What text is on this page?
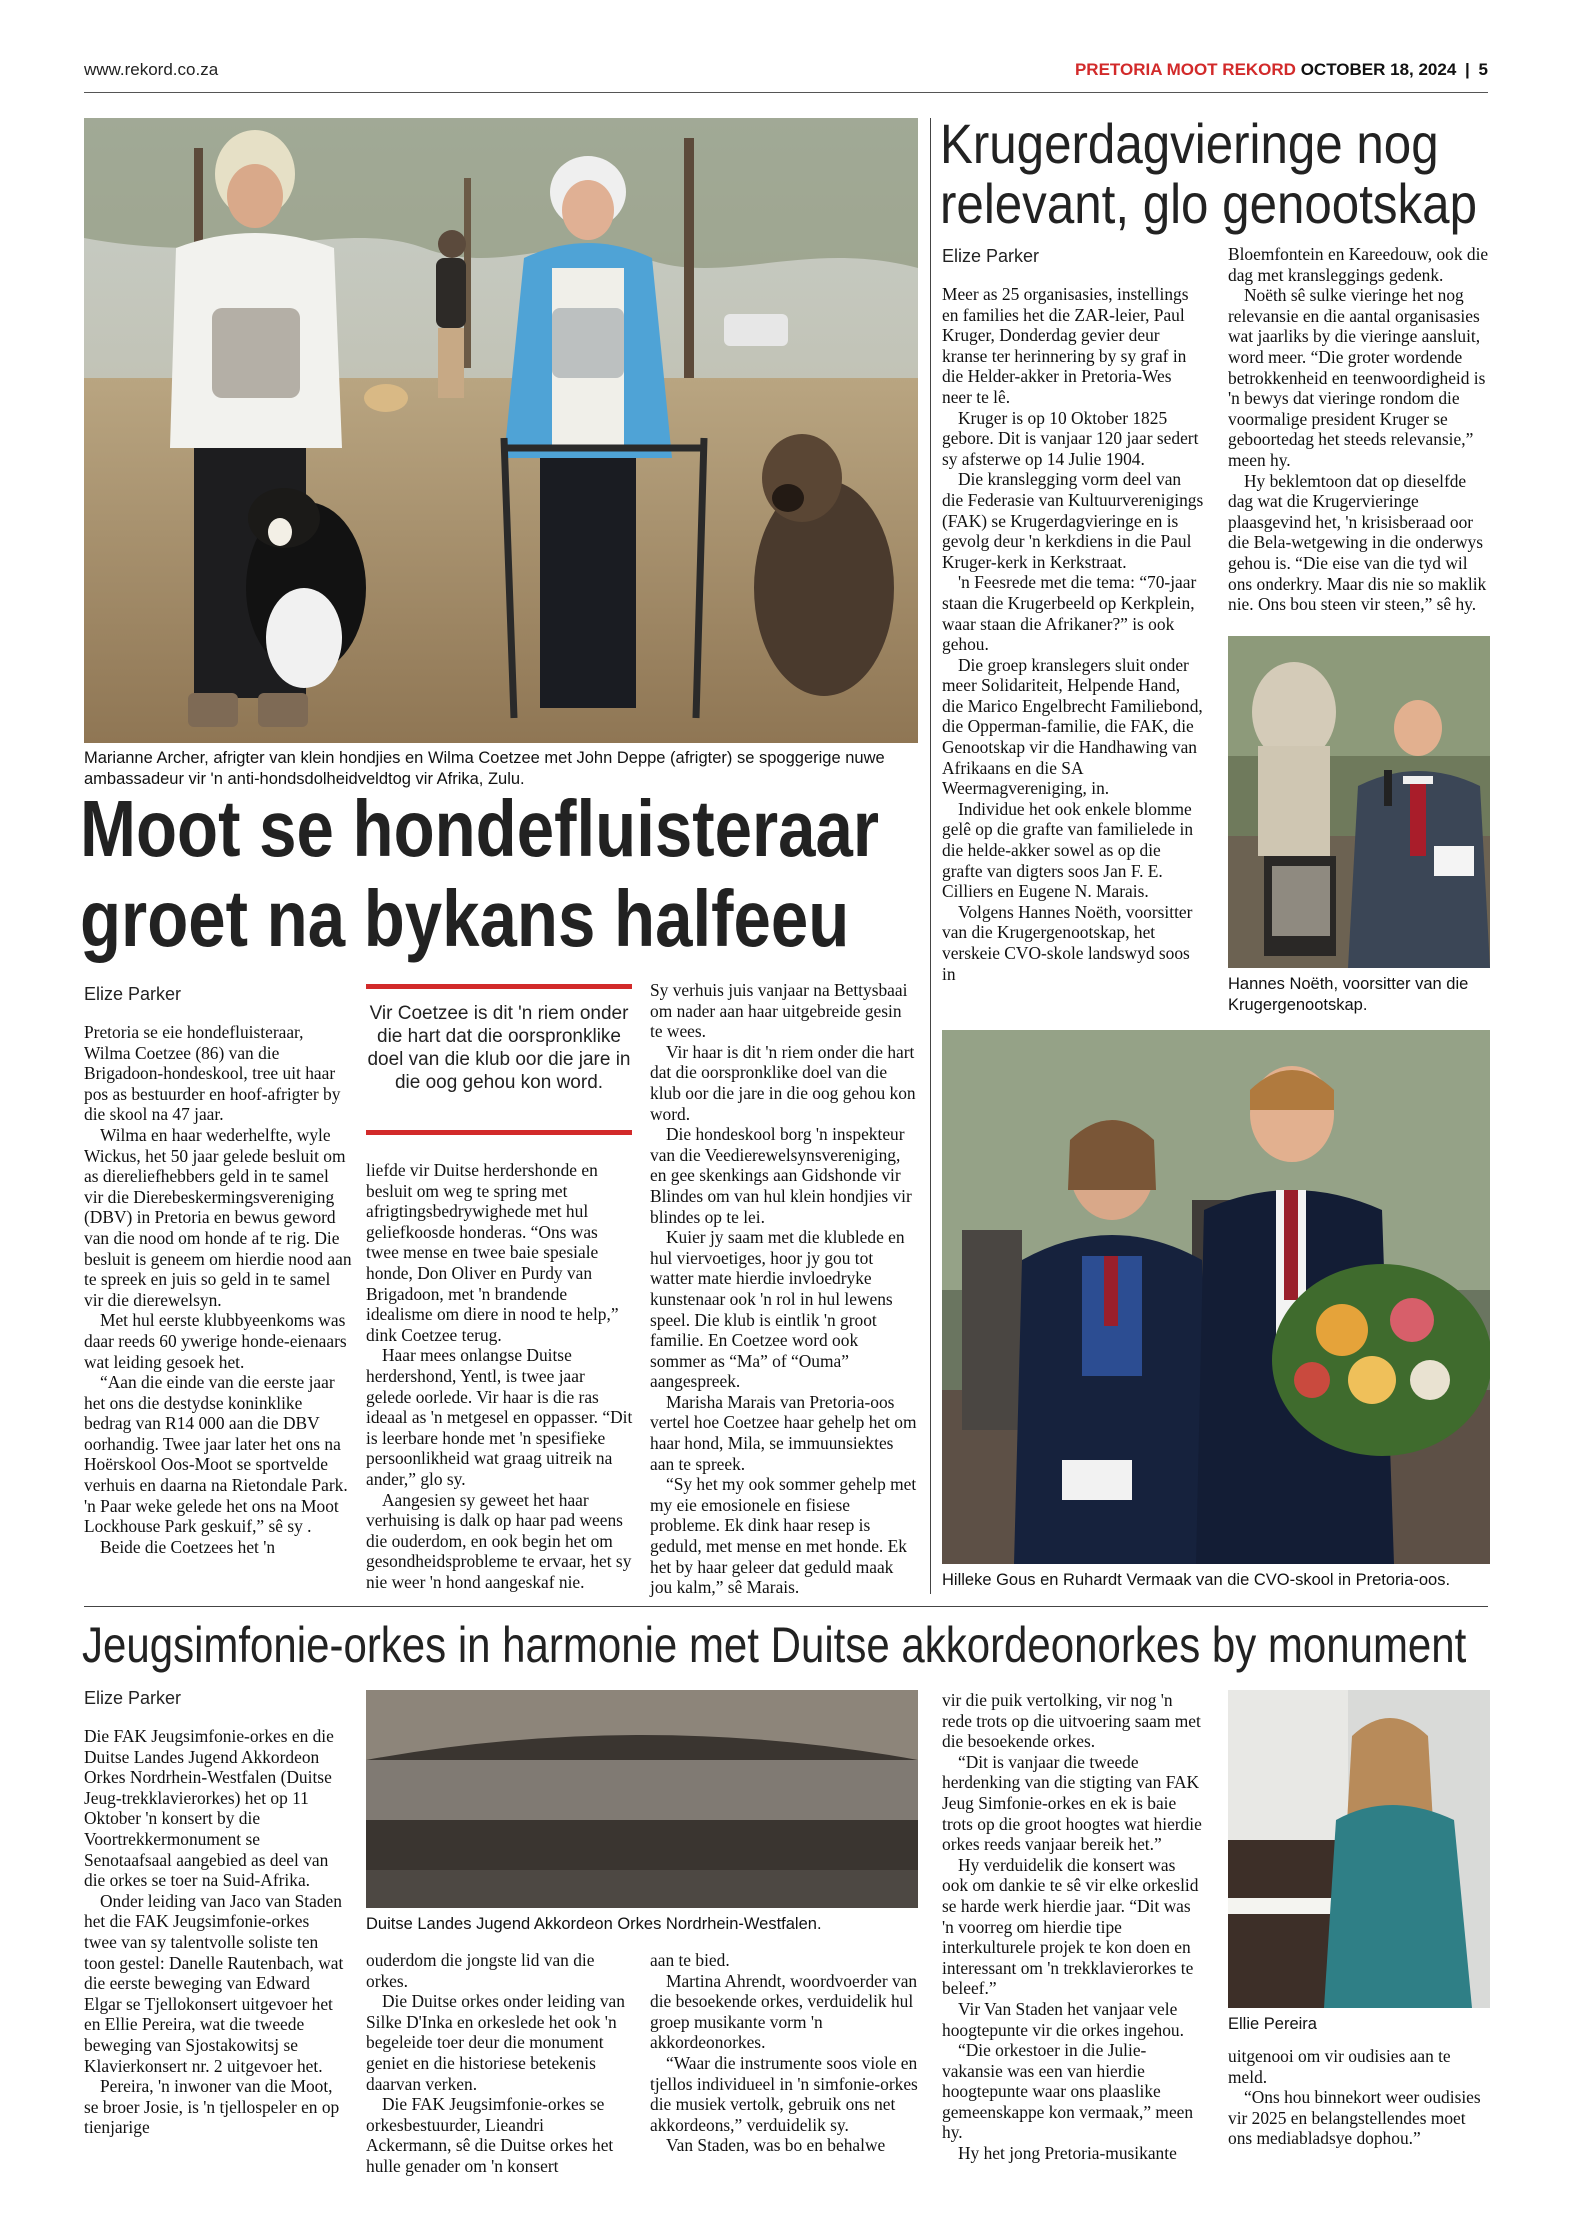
www.rekord.co.za	PRETORIA MOOT REKORD OCTOBER 18, 2024 | 5
Marianne Archer, afrigter van klein hondjies en Wilma Coetzee met John Deppe (afrigter) se spoggerige nuwe ambassadeur vir 'n anti-hondsdolheidveldtog vir Afrika, Zulu.
Moot se hondefluisteraar
groet na bykans halfeeu
Elize Parker

Pretoria se eie hondefluisteraar, Wilma Coetzee (86) van die Brigadoon-hondeskool, tree uit haar pos as bestuurder en hoof-afrigter by die skool na 47 jaar.

Wilma en haar wederhelfte, wyle Wickus, het 50 jaar gelede besluit om as diereliefhebbers geld in te samel vir die Dierebeskermingsvereniging (DBV) in Pretoria en bewus geword van die nood om honde af te rig. Die besluit is geneem om hierdie nood aan te spreek en juis so geld in te samel vir die dierewelsyn.

Met hul eerste klubbyeenkoms was daar reeds 60 ywerige honde-eienaars wat leiding gesoek het.

“Aan die einde van die eerste jaar het ons die destydse koninklike bedrag van R14 000 aan die DBV oorhandig. Twee jaar later het ons na Hoërskool Oos-Moot se sportvelde verhuis en daarna na Rietondale Park. 'n Paar weke gelede het ons na Moot Lockhouse Park geskuif,” sê sy .

Beide die Coetzees het 'n

Vir Coetzee is dit 'n riem onder die hart dat die oorspronklike doel van die klub oor die jare in die oog gehou kon word.

liefde vir Duitse herdershonde en besluit om weg te spring met afrigtingsbedrywighede met hul geliefkoosde honderas. “Ons was twee mense en twee baie spesiale honde, Don Oliver en Purdy van Brigadoon, met 'n brandende idealisme om diere in nood te help,” dink Coetzee terug.

Haar mees onlangse Duitse herdershond, Yentl, is twee jaar gelede oorlede. Vir haar is die ras ideaal as 'n metgesel en oppasser. “Dit is leerbare honde met 'n spesifieke persoonlikheid wat graag uitreik na ander,” glo sy.

Aangesien sy geweet het haar verhuising is dalk op haar pad weens die ouderdom, en ook begin het om gesondheidsprobleme te ervaar, het sy nie weer 'n hond aangeskaf nie.

Sy verhuis juis vanjaar na Bettysbaai om nader aan haar uitgebreide gesin te wees.

Vir haar is dit 'n riem onder die hart dat die oorspronklike doel van die klub oor die jare in die oog gehou kon word.

Die hondeskool borg 'n inspekteur van die Veedierewelsynsvereniging, en gee skenkings aan Gidshonde vir Blindes om van hul klein hondjies vir blindes op te lei.

Kuier jy saam met die klublede en hul viervoetiges, hoor jy gou tot watter mate hierdie invloedryke kunstenaar ook 'n rol in hul lewens speel. Die klub is eintlik 'n groot familie. En Coetzee word ook sommer as “Ma” of “Ouma” aangespreek.

Marisha Marais van Pretoria-oos vertel hoe Coetzee haar gehelp het om haar hond, Mila, se immuunsiektes aan te spreek.

“Sy het my ook sommer gehelp met my eie emosionele en fisiese probleme. Ek dink haar resep is geduld, met mense en met honde. Ek het by haar geleer dat geduld maak jou kalm,” sê Marais.

Krugerdagvieringe nog
relevant, glo genootskap
Elize Parker

Meer as 25 organisasies, instellings en families het die ZAR-leier, Paul Kruger, Donderdag gevier deur kranse ter herinnering by sy graf in die Helder-akker in Pretoria-Wes neer te lê.

Kruger is op 10 Oktober 1825 gebore. Dit is vanjaar 120 jaar sedert sy afsterwe op 14 Julie 1904.

Die kranslegging vorm deel van die Federasie van Kultuurverenigings (FAK) se Krugerdagvieringe en is gevolg deur 'n kerkdiens in die Paul Kruger-kerk in Kerkstraat.

'n Feesrede met die tema: “70-jaar staan die Krugerbeeld op Kerkplein, waar staan die Afrikaner?” is ook gehou.

Die groep kranslegers sluit onder meer Solidariteit, Helpende Hand, die Marico Engelbrecht Familiebond, die Opperman-familie, die FAK, die Genootskap vir die Handhawing van Afrikaans en die SA Weermagvereniging, in.

Individue het ook enkele blomme gelê op die grafte van familielede in die helde-akker sowel as op die grafte van digters soos Jan F. E. Cilliers en Eugene N. Marais.

Volgens Hannes Noëth, voorsitter van die Krugergenootskap, het verskeie CVO-skole landswyd soos in

Bloemfontein en Kareedouw, ook die dag met kransleggings gedenk.

Noëth sê sulke vieringe het nog relevansie en die aantal organisasies wat jaarliks by die vieringe aansluit, word meer. “Die groter wordende betrokkenheid en teenwoordigheid is 'n bewys dat vieringe rondom die voormalige president Kruger se geboortedag het steeds relevansie,” meen hy.

Hy beklemtoon dat op dieselfde dag wat die Krugervieringe plaasgevind het, 'n krisisberaad oor die Bela-wetgewing in die onderwys gehou is. “Die eise van die tyd wil ons onderkry. Maar dis nie so maklik nie. Ons bou steen vir steen,” sê hy.

Hannes Noëth, voorsitter van die Krugergenootskap.
Hilleke Gous en Ruhardt Vermaak van die CVO-skool in Pretoria-oos.
Jeugsimfonie-orkes in harmonie met Duitse akkordeonorkes by monument
Elize Parker

Die FAK Jeugsimfonie-orkes en die Duitse Landes Jugend Akkordeon Orkes Nordrhein-Westfalen (Duitse Jeug-trekklavierorkes) het op 11 Oktober 'n konsert by die Voortrekkermonument se Senotaafsaal aangebied as deel van die orkes se toer na Suid-Afrika.

Onder leiding van Jaco van Staden het die FAK Jeugsimfonie-orkes twee van sy talentvolle soliste ten toon gestel: Danelle Rautenbach, wat die eerste beweging van Edward Elgar se Tjellokonsert uitgevoer het en Ellie Pereira, wat die tweede beweging van Sjostakowitsj se Klavierkonsert nr. 2 uitgevoer het.

Pereira, 'n inwoner van die Moot, se broer Josie, is 'n tjellospeler en op tienjarige

Duitse Landes Jugend Akkordeon Orkes Nordrhein-Westfalen.

ouderdom die jongste lid van die orkes.

Die Duitse orkes onder leiding van Silke D'Inka en orkeslede het ook 'n begeleide toer deur die monument geniet en die historiese betekenis daarvan verken.

Die FAK Jeugsimfonie-orkes se orkesbestuurder, Lieandri Ackermann, sê die Duitse orkes het hulle genader om 'n konsert

aan te bied.

Martina Ahrendt, woordvoerder van die besoekende orkes, verduidelik hul groep musikante vorm 'n akkordeonorkes.

“Waar die instrumente soos viole en tjellos individueel in 'n simfonie-orkes die musiek vertolk, gebruik ons net akkordeons,” verduidelik sy.

Van Staden, was bo en behalwe

vir die puik vertolking, vir nog 'n rede trots op die uitvoering saam met die besoekende orkes.

“Dit is vanjaar die tweede herdenking van die stigting van FAK Jeug Simfonie-orkes en ek is baie trots op die groot hoogtes wat hierdie orkes reeds vanjaar bereik het.”

Hy verduidelik die konsert was ook om dankie te sê vir elke orkeslid se harde werk hierdie jaar. “Dit was 'n voorreg om hierdie tipe interkulturele projek te kon doen en interessant om 'n trekklavierorkes te beleef.”

Vir Van Staden het vanjaar vele hoogtepunte vir die orkes ingehou.

“Die orkestoer in die Julie-vakansie was een van hierdie hoogtepunte waar ons plaaslike gemeenskappe kon vermaak,” meen hy.

Hy het jong Pretoria-musikante

Ellie Pereira

uitgenooi om vir oudisies aan te meld.

“Ons hou binnekort weer oudisies vir 2025 en belangstellendes moet ons mediabladsye dophou.”
